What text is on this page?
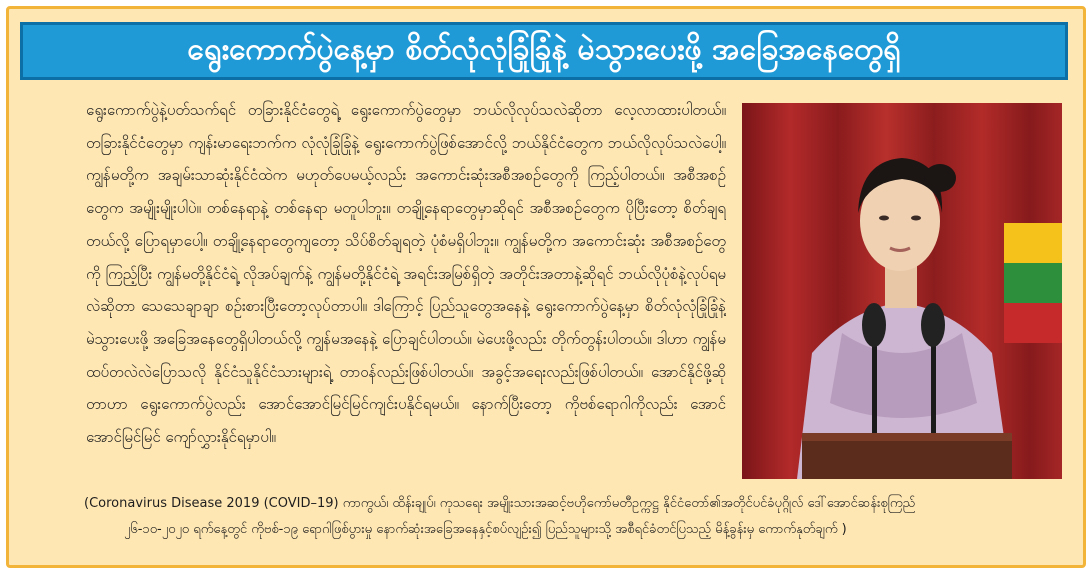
ရွေးကောက်ပွဲနေ့မှာ စိတ်လုံလုံခြုံခြုံနဲ့ မဲသွားပေးဖို့ အခြေအနေတွေရှိ
ရွေးကောက်ပွဲနဲ့ပတ်သက်ရင် တခြားနိုင်ငံတွေရဲ့ ရွေးကောက်ပွဲတွေမှာ ဘယ်လိုလုပ်သလဲဆိုတာ လေ့လာထားပါတယ်။ တခြားနိုင်ငံတွေမှာ ကျန်းမာရေးဘက်က လုံလုံခြုံခြုံနဲ့ ရွေးကောက်ပွဲဖြစ်အောင်လို့ ဘယ်နိုင်ငံတွေက ဘယ်လိုလုပ်သလဲပေါ့။ ကျွန်မတို့က အချမ်းသာဆုံးနိုင်ငံထဲက မဟုတ်ပေမယ့်လည်း အကောင်းဆုံးအစီအစဉ်တွေကို ကြည့်ပါတယ်။ အစီအစဉ်တွေက အမျိုးမျိုးပါပဲ။ တစ်နေရာနဲ့ တစ်နေရာ မတူပါဘူး။ တချို့နေရာတွေမှာဆိုရင် အစီအစဉ်တွေက ပိုပြီးတော့ စိတ်ချရတယ်လို့ ပြောရမှာပေါ့။ တချို့နေရာတွေကျတော့ သိပ်စိတ်ချရတဲ့ ပုံစံမရှိပါဘူး။ ကျွန်မတို့က အကောင်းဆုံး အစီအစဉ်တွေကို ကြည့်ပြီး ကျွန်မတို့နိုင်ငံရဲ့ လိုအပ်ချက်နဲ့ ကျွန်မတို့နိုင်ငံရဲ့ အရင်းအမြစ်ရှိတဲ့ အတိုင်းအတာနဲ့ဆိုရင် ဘယ်လိုပုံစံနဲ့လုပ်ရမလဲဆိုတာ သေသေချာချာ စဉ်းစားပြီးတော့လုပ်တာပါ။ ဒါကြောင့် ပြည်သူတွေအနေနဲ့ ရွေးကောက်ပွဲနေ့မှာ စိတ်လုံလုံခြုံခြုံနဲ့ မဲသွားပေးဖို့ အခြေအနေတွေရှိပါတယ်လို့ ကျွန်မအနေနဲ့ ပြောချင်ပါတယ်။ မဲပေးဖို့လည်း တိုက်တွန်းပါတယ်။ ဒါဟာ ကျွန်မ ထပ်တလဲလဲပြောသလို နိုင်ငံသူနိုင်ငံသားများရဲ့ တာဝန်လည်းဖြစ်ပါတယ်။ အခွင့်အရေးလည်းဖြစ်ပါတယ်။ အောင်နိုင်ဖို့ဆိုတာဟာ ရွေးကောက်ပွဲလည်း အောင်အောင်မြင်မြင်ကျင်းပနိုင်ရမယ်။ နောက်ပြီးတော့ ကိုဗစ်ရောဂါကိုလည်း အောင်အောင်မြင်မြင် ကျော်လွှားနိုင်ရမှာပါ။

(Coronavirus Disease 2019 (COVID–19) ကာကွယ်၊ ထိန်းချုပ်၊ ကုသရေး အမျိုးသားအဆင့်ဗဟိုကော်မတီဥက္ကဋ္ဌ နိုင်ငံတော်၏အတိုင်ပင်ခံပုဂ္ဂိုလ် ဒေါ်အောင်ဆန်းစုကြည်

၂၆-၁၀-၂၀၂၀ ရက်နေ့တွင် ကိုဗစ်-၁၉ ရောဂါဖြစ်ပွားမှု နောက်ဆုံးအခြေအနေနှင့်စပ်လျဉ်း၍ ပြည်သူများသို့ အစီရင်ခံတင်ပြသည့် မိန့်ခွန်းမှ ကောက်နုတ်ချက် )
